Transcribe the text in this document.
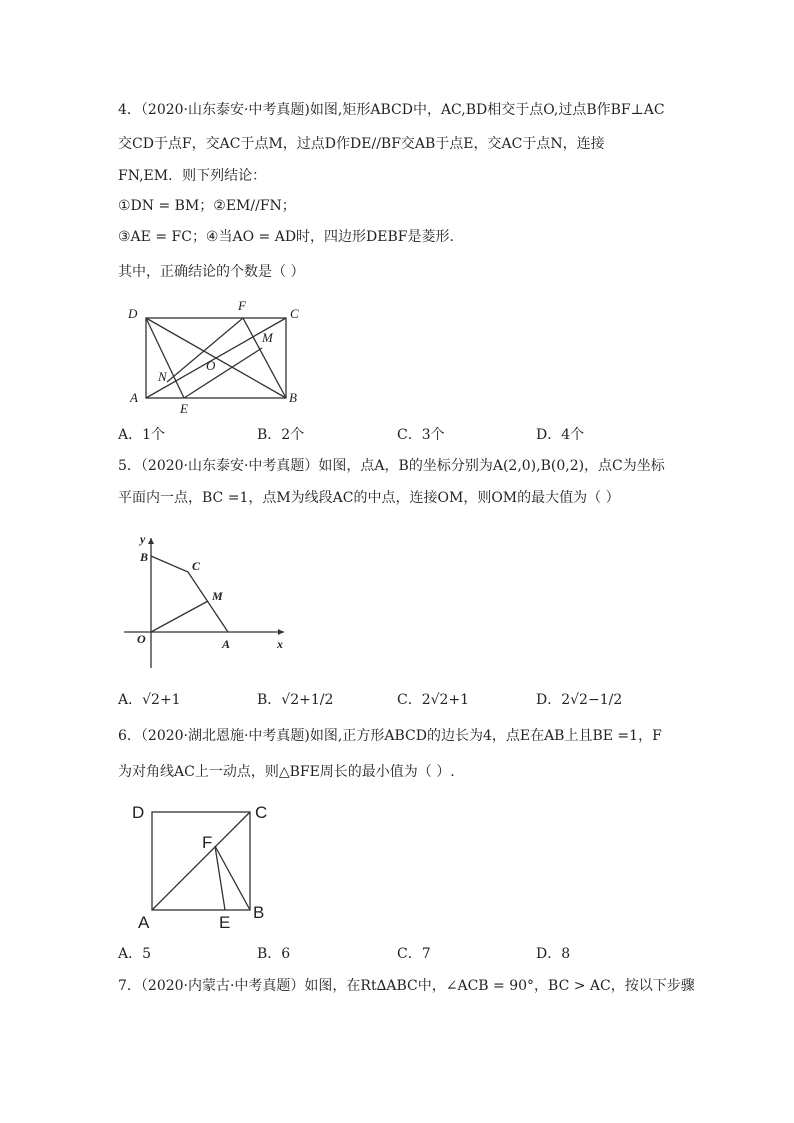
4．（2020·山东泰安·中考真题)如图,矩形ABCD中，AC,BD相交于点O,过点B作BF⊥AC
交CD于点F，交AC于点M，过点D作DE//BF交AB于点E，交AC于点N，连接
FN,EM．则下列结论：
①DN = BM；②EM//FN；
③AE = FC；④当AO = AD时，四边形DEBF是菱形.
其中，正确结论的个数是（ ）
D
F
C
M
O
N
A
E
B
A．1个	B．2个	C．3个	D．4个
5．（2020·山东泰安·中考真题）如图，点A，B的坐标分别为A(2,0),B(0,2)，点C为坐标
平面内一点，BC =1，点M为线段AC的中点，连接OM，则OM的最大值为（ ）
y
x
B
C
M
O	A
A．√2+1	B．√2+1/2	C．2√2+1	D．2√2−1/2
6．（2020·湖北恩施·中考真题)如图,正方形ABCD的边长为4，点E在AB上且BE =1，F
为对角线AC上一动点，则△BFE周长的最小值为（ ）.
D	C
F
A	E
B
A．5	B．6	C．7	D．8
7．（2020·内蒙古·中考真题）如图，在Rt∆ABC中，∠ACB = 90°，BC > AC，按以下步骤
